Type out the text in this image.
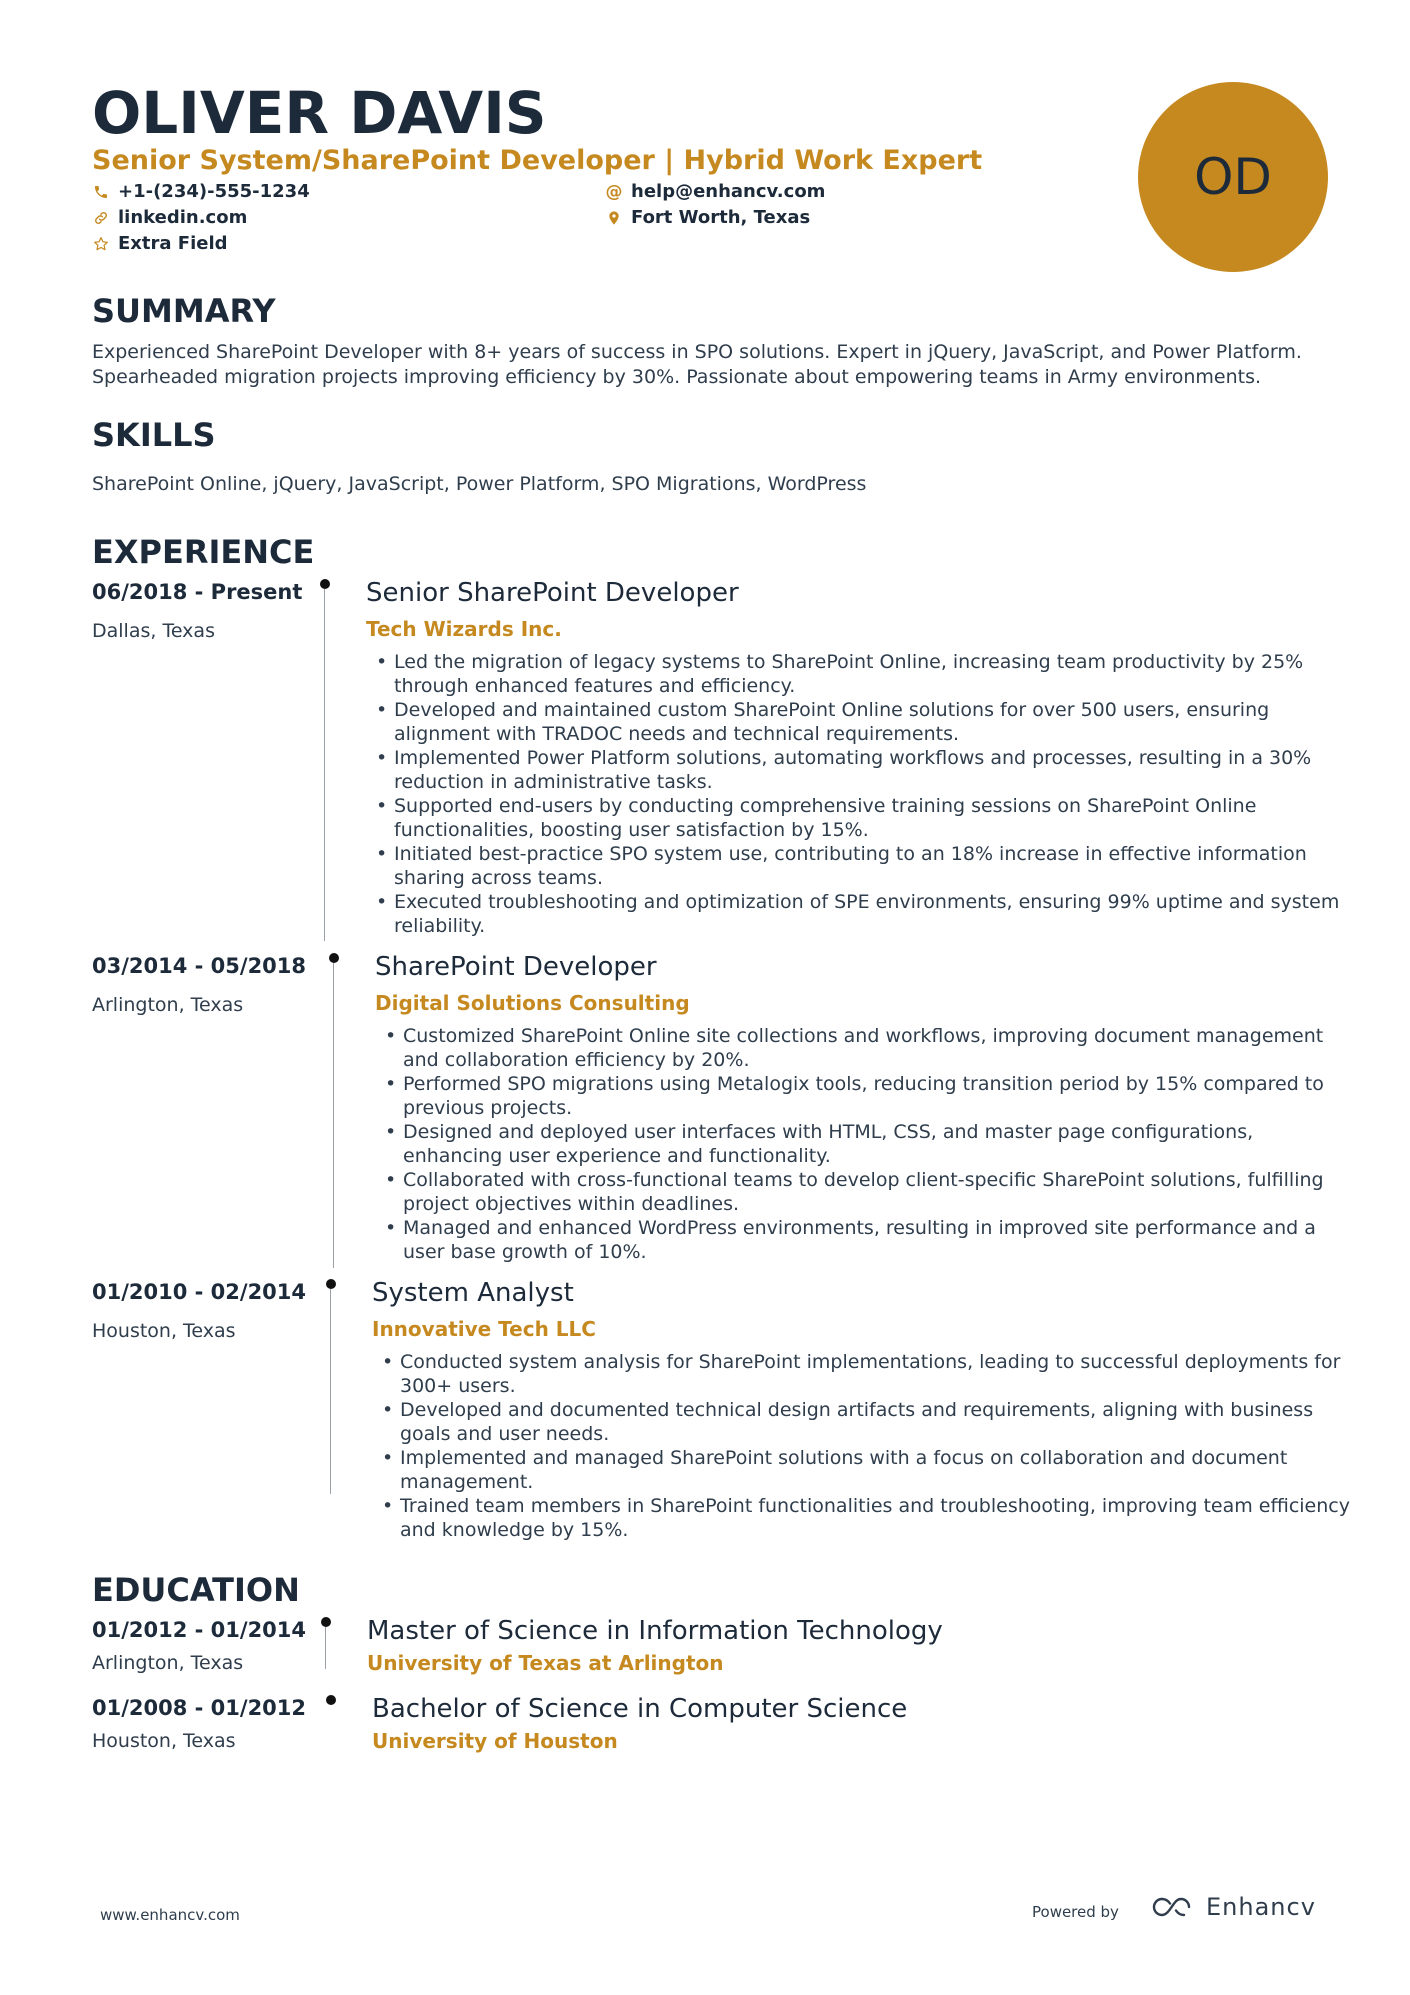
OLIVER DAVIS
Senior System/SharePoint Developer | Hybrid Work Expert
+1-(234)-555-1234	@ help@enhancv.com
linkedin.com	Fort Worth, Texas
Extra Field
OD
SUMMARY
Experienced SharePoint Developer with 8+ years of success in SPO solutions. Expert in jQuery, JavaScript, and Power Platform. Spearheaded migration projects improving efficiency by 30%. Passionate about empowering teams in Army environments.
SKILLS
SharePoint Online, jQuery, JavaScript, Power Platform, SPO Migrations, WordPress
EXPERIENCE
06/2018 - Present
Dallas, Texas
Senior SharePoint Developer
Tech Wizards Inc.
• Led the migration of legacy systems to SharePoint Online, increasing team productivity by 25% through enhanced features and efficiency.
• Developed and maintained custom SharePoint Online solutions for over 500 users, ensuring alignment with TRADOC needs and technical requirements.
• Implemented Power Platform solutions, automating workflows and processes, resulting in a 30% reduction in administrative tasks.
• Supported end-users by conducting comprehensive training sessions on SharePoint Online functionalities, boosting user satisfaction by 15%.
• Initiated best-practice SPO system use, contributing to an 18% increase in effective information sharing across teams.
• Executed troubleshooting and optimization of SPE environments, ensuring 99% uptime and system reliability.
03/2014 - 05/2018
Arlington, Texas
SharePoint Developer
Digital Solutions Consulting
• Customized SharePoint Online site collections and workflows, improving document management and collaboration efficiency by 20%.
• Performed SPO migrations using Metalogix tools, reducing transition period by 15% compared to previous projects.
• Designed and deployed user interfaces with HTML, CSS, and master page configurations, enhancing user experience and functionality.
• Collaborated with cross-functional teams to develop client-specific SharePoint solutions, fulfilling project objectives within deadlines.
• Managed and enhanced WordPress environments, resulting in improved site performance and a user base growth of 10%.
01/2010 - 02/2014
Houston, Texas
System Analyst
Innovative Tech LLC
• Conducted system analysis for SharePoint implementations, leading to successful deployments for 300+ users.
• Developed and documented technical design artifacts and requirements, aligning with business goals and user needs.
• Implemented and managed SharePoint solutions with a focus on collaboration and document management.
• Trained team members in SharePoint functionalities and troubleshooting, improving team efficiency and knowledge by 15%.
EDUCATION
01/2012 - 01/2014
Arlington, Texas
Master of Science in Information Technology
University of Texas at Arlington
01/2008 - 01/2012
Houston, Texas
Bachelor of Science in Computer Science
University of Houston
www.enhancv.com	Powered by	Enhancv
